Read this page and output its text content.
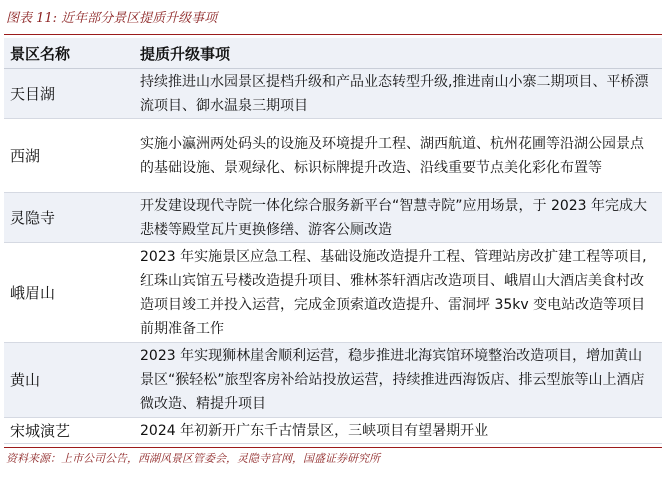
图表 11: 近年部分景区提质升级事项
景区名称	提质升级事项
天目湖	持续推进山水园景区提档升级和产品业态转型升级,推进南山小寨二期项目、平桥漂流项目、御水温泉三期项目
西湖	实施小瀛洲两处码头的设施及环境提升工程、湖西航道、杭州花圃等沿湖公园景点的基础设施、景观绿化、标识标牌提升改造、沿线重要节点美化彩化布置等
灵隐寺	开发建设现代寺院一体化综合服务新平台“智慧寺院”应用场景，于 2023 年完成大悲楼等殿堂瓦片更换修缮、游客公厕改造
峨眉山	2023 年实施景区应急工程、基础设施改造提升工程、管理站房改扩建工程等项目,红珠山宾馆五号楼改造提升项目、雅林茶轩酒店改造项目、峨眉山大酒店美食村改造项目竣工并投入运营，完成金顶索道改造提升、雷洞坪 35kv 变电站改造等项目前期准备工作
黄山	2023 年实现狮林崖舍顺利运营，稳步推进北海宾馆环境整治改造项目，增加黄山景区“猴轻松”旅型客房补给站投放运营，持续推进西海饭店、排云型旅等山上酒店微改造、精提升项目
宋城演艺	2024 年初新开广东千古情景区，三峡项目有望暑期开业
资料来源：上市公司公告，西湖风景区管委会，灵隐寺官网，国盛证券研究所
